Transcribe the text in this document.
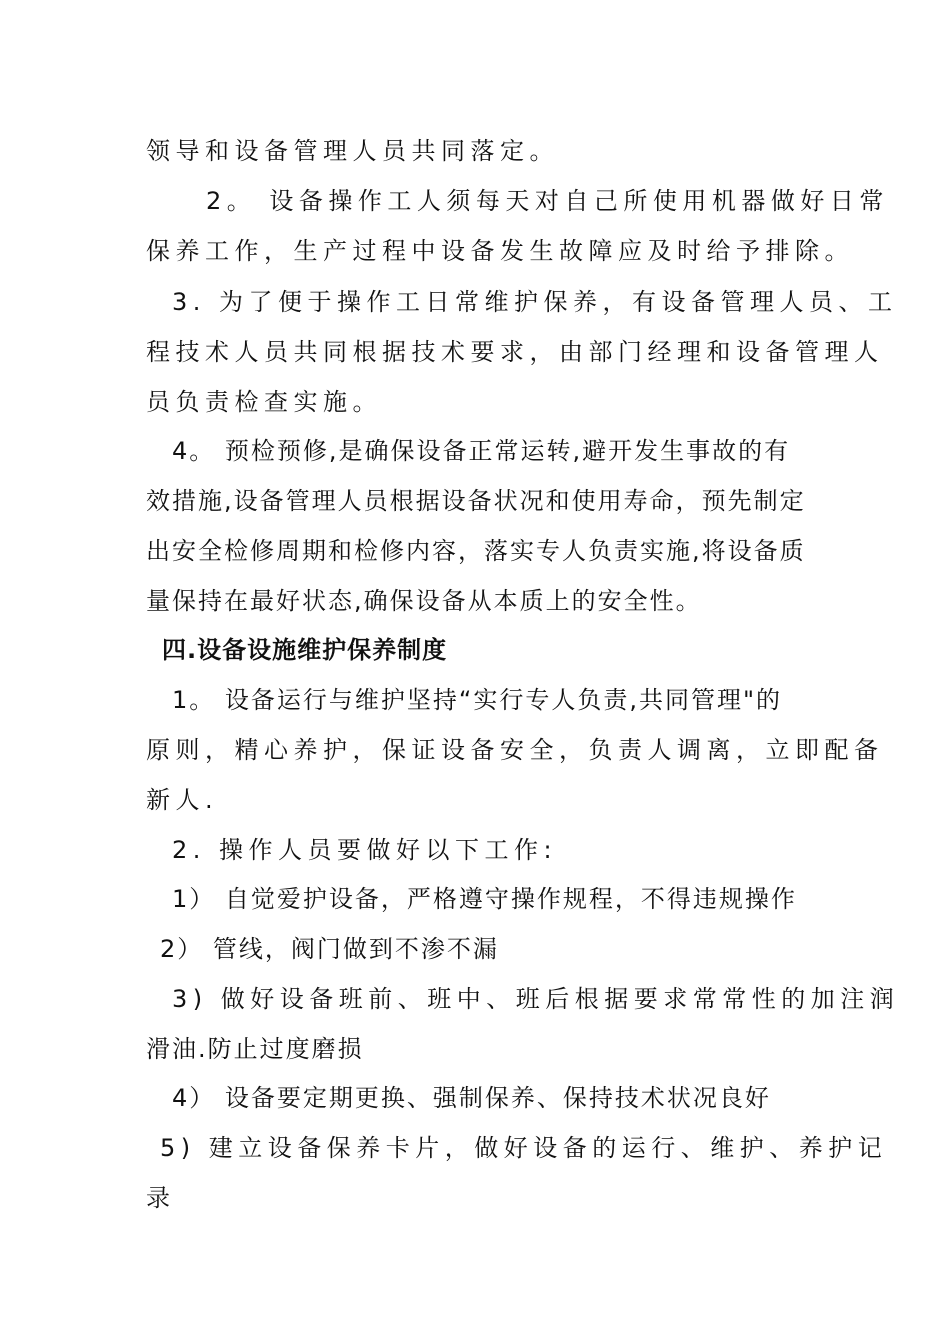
领导和设备管理人员共同落定。
2。 设备操作工人须每天对自己所使用机器做好日常
保养工作，生产过程中设备发生故障应及时给予排除。
3. 为了便于操作工日常维护保养，有设备管理人员、工
程技术人员共同根据技术要求，由部门经理和设备管理人
员负责检查实施。
4。 预检预修,是确保设备正常运转,避开发生事故的有
效措施,设备管理人员根据设备状况和使用寿命，预先制定
出安全检修周期和检修内容，落实专人负责实施,将设备质
量保持在最好状态,确保设备从本质上的安全性。
四.设备设施维护保养制度
1。 设备运行与维护坚持“实行专人负责,共同管理"的
原则，精心养护，保证设备安全，负责人调离，立即配备
新人.
2. 操作人员要做好以下工作:
1） 自觉爱护设备，严格遵守操作规程，不得违规操作
2） 管线，阀门做到不渗不漏
3) 做好设备班前、班中、班后根据要求常常性的加注润
滑油.防止过度磨损
4） 设备要定期更换、强制保养、保持技术状况良好
5) 建立设备保养卡片，做好设备的运行、维护、养护记
录
